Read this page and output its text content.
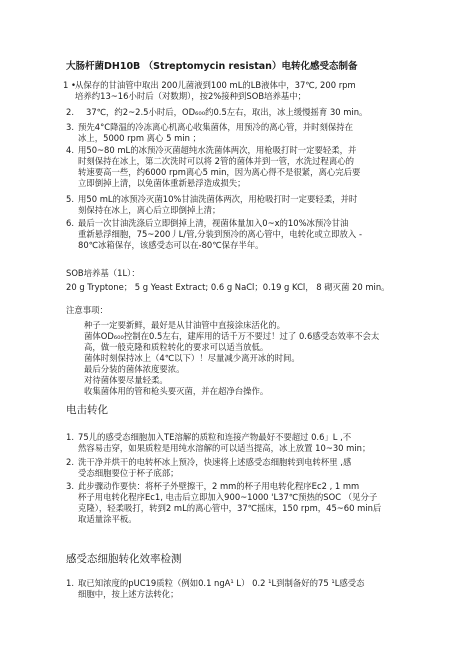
大肠杆菌DH10B （Streptomycin resistan）电转化感受态制备
1 •从保存的甘油管中取出 200儿菌液到100 mL的LB液体中，37℃, 200 rpm
培养约13~16小时后（对数期），按2%接种到SOB培养基中；
2. 37℃，约2~2.5小时后，OD₆₀₀约0.5左右，取出，冰上缓慢摇育 30 min。
3. 预先4°C降温的冷冻离心机离心收集菌体，用预冷的离心管，并时刻保持在
冰上，5000 rpm 离心 5 min ；
4. 用50~80 mL的冰预冷灭菌超纯水洗菌体两次，用枪吸打时一定要轻柔，并
时刻保持在冰上，第二次洗时可以将 2管的菌体并到一管，水洗过程离心的
转速要高一些，约6000 rpm离心5 min，因为离心得不是很紧，离心完后要
立即倒掉上清，以免菌体重新悬浮造成损失；
5. 用50 mL的冰预冷灭菌10%甘油洗菌体两次，用枪吸打时一定要轻柔，并时
刻保持在冰上，离心后立即倒掉上清；
6. 最后一次甘油洗涤后立即倒掉上清，视菌体量加入0~x的10%冰预冷甘油
重新悬浮细胞，75~200丿L/管,分装到预冷的离心管中，电转化或立即放入 -
80℃冰箱保存，该感受态可以在-80℃保存半年。
SOB培养基（1L）：
20 g Tryptone； 5 g Yeast Extract; 0.6 g NaCl；0.19 g KCl， 8 砌灭菌 20 min。
注意事项：
种子一定要新鲜，最好是从甘油管中直接涂床活化的。
菌体OD₆₀₀控制在0.5左右，建库用的话千万不要过！过了 0.6感受态效率不会太
高，做一般克隆和质粒转化的要求可以适当放低。
菌体时刻保持冰上（4℃以下）！尽量减少离开冰的时间。
最后分装的菌体浓度要浓。
对待菌体要尽量轻柔。
收集菌体用的管和枪头要灭菌，并在超净台操作。
电击转化
1. 75儿的感受态细胞加入TE溶解的质粒和连接产物最好不要超过 0.6」L ,不
然容易击穿，如果质粒是用纯水溶解的可以适当提高，冰上放置 10~30 min；
2. 洗干净并烘干的电转杯冰上预冷，快速将上述感受态细胞转到电转杯里 ,感
受态细胞要位于杯子底部；
3. 此步骤动作要快：将杯子外壁擦干，2 mm的杯子用电转化程序Ec2 , 1 mm
杯子用电转化程序Ec1, 电击后立即加入900~1000 'L37℃预热的SOC （见分子
克隆），轻柔吸打，转到2 mL的离心管中，37℃摇床，150 rpm，45~60 min后
取适量涂平板。
感受态细胞转化效率检测
1. 取已知浓度的pUC19质粒（例如0.1 ngA¹ L） 0.2 ¹L到制备好的75 ¹L感受态
细胞中，按上述方法转化；
